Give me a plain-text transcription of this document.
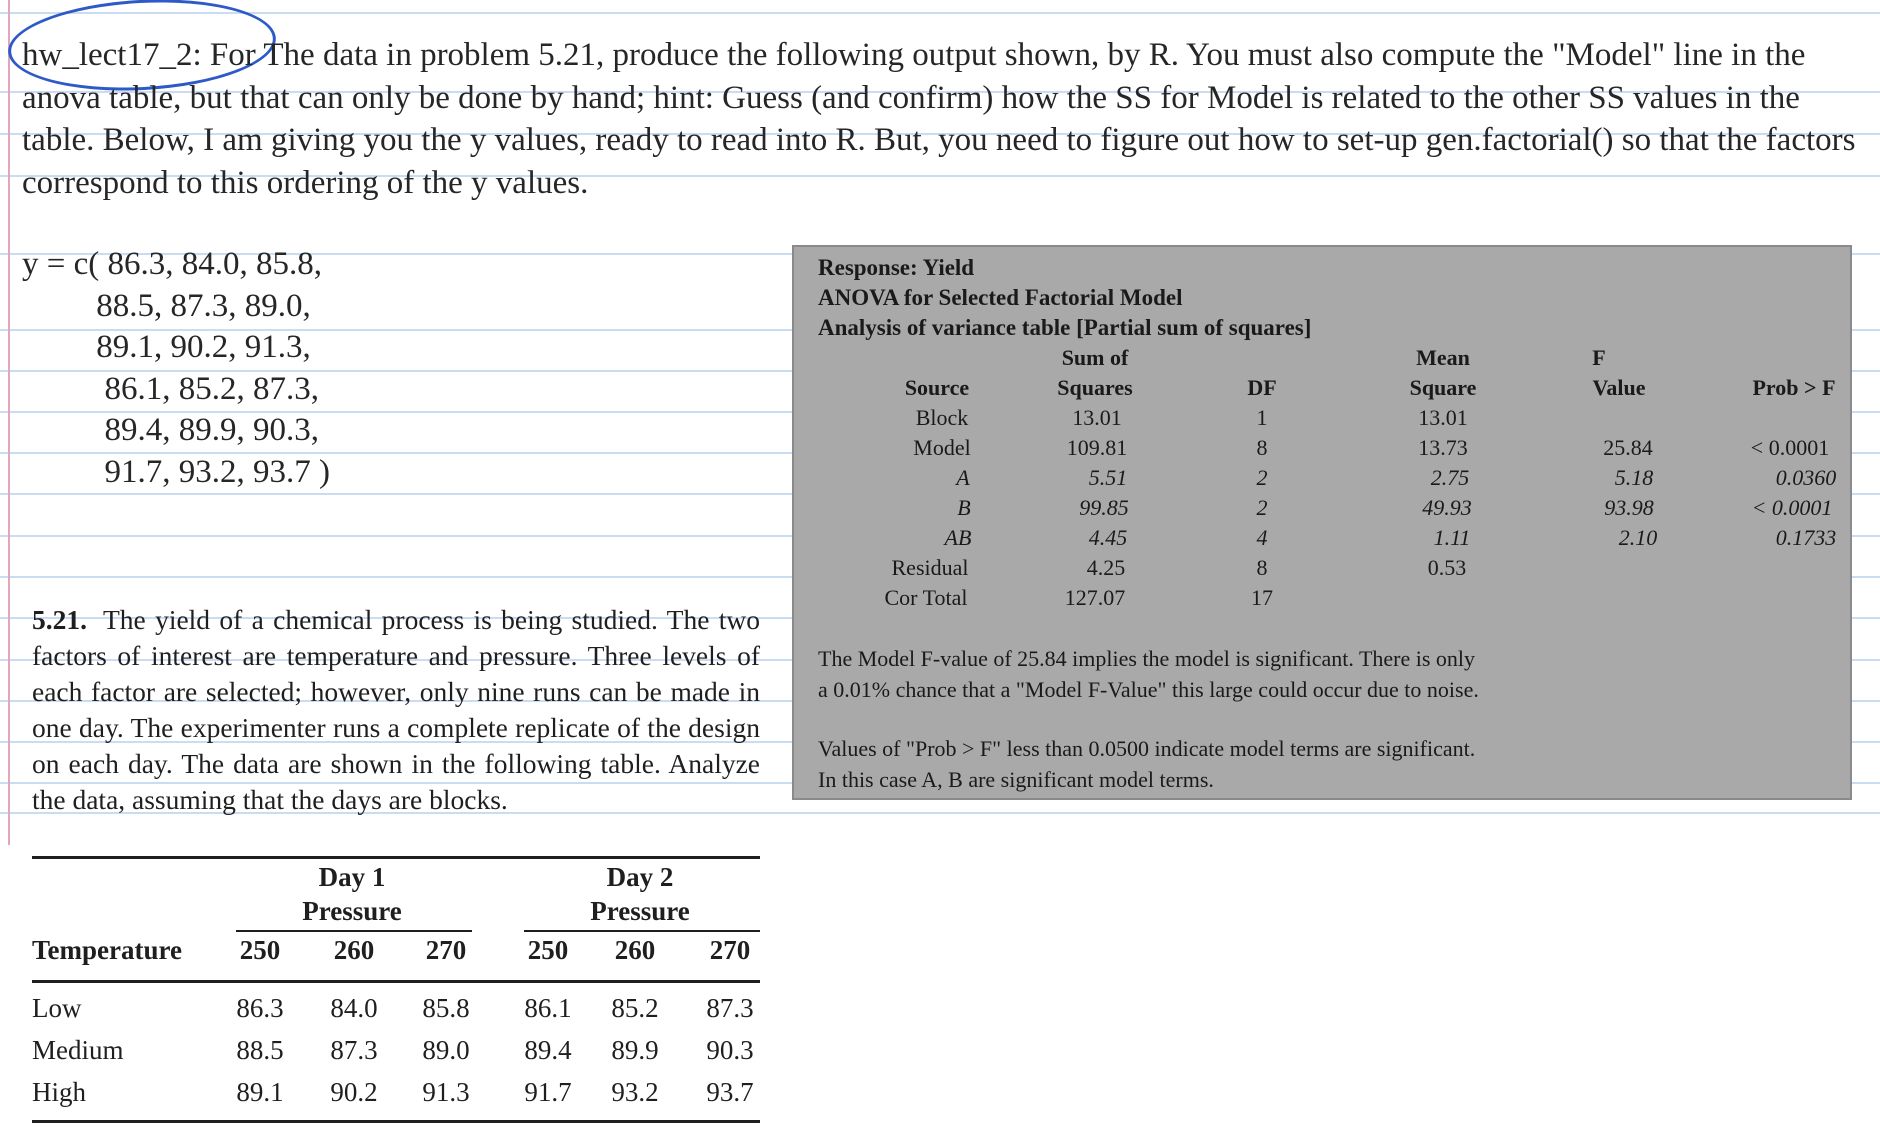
hw_lect17_2: For The data in problem 5.21, produce the following output shown, by R. You must also compute the "Model" line in the anova table, but that can only be done by hand; hint: Guess (and confirm) how the SS for Model is related to the other SS values in the table. Below, I am giving you the y values, ready to read into R. But, you need to figure out how to set-up gen.factorial() so that the factors correspond to this ordering of the y values.
y = c( 86.3, 84.0, 85.8,
88.5, 87.3, 89.0,
89.1, 90.2, 91.3,
86.1, 85.2, 87.3,
89.4, 89.9, 90.3,
91.7, 93.2, 93.7 )
Response: Yield
ANOVA for Selected Factorial Model
Analysis of variance table [Partial sum of squares]
Sum of	Mean	F
Source	Squares	DF	Square	Value	Prob > F
Block	13.01	1	13.01
Model	109.81	8	13.73	25.84	< 0.0001
A	5.51	2	2.75	5.18	0.0360
B	99.85	2	49.93	93.98	< 0.0001
AB	4.45	4	1.11	2.10	0.1733
Residual	4.25	8	0.53
Cor Total	127.07	17
The Model F-value of 25.84 implies the model is significant. There is only
a 0.01% chance that a "Model F-Value" this large could occur due to noise.
Values of "Prob > F" less than 0.0500 indicate model terms are significant.
In this case A, B are significant model terms.
5.21. The yield of a chemical process is being studied. The two factors of interest are temperature and pressure. Three levels of each factor are selected; however, only nine runs can be made in one day. The experimenter runs a complete replicate of the design on each day. The data are shown in the following table. Analyze the data, assuming that the days are blocks.
Day 1	Day 2
Pressure	Pressure
Temperature 250 260 270 250 260 270
Low	86.3 84.0 85.8 86.1 85.2 87.3
Medium	88.5 87.3 89.0 89.4 89.9 90.3
High	89.1 90.2 91.3 91.7 93.2 93.7
